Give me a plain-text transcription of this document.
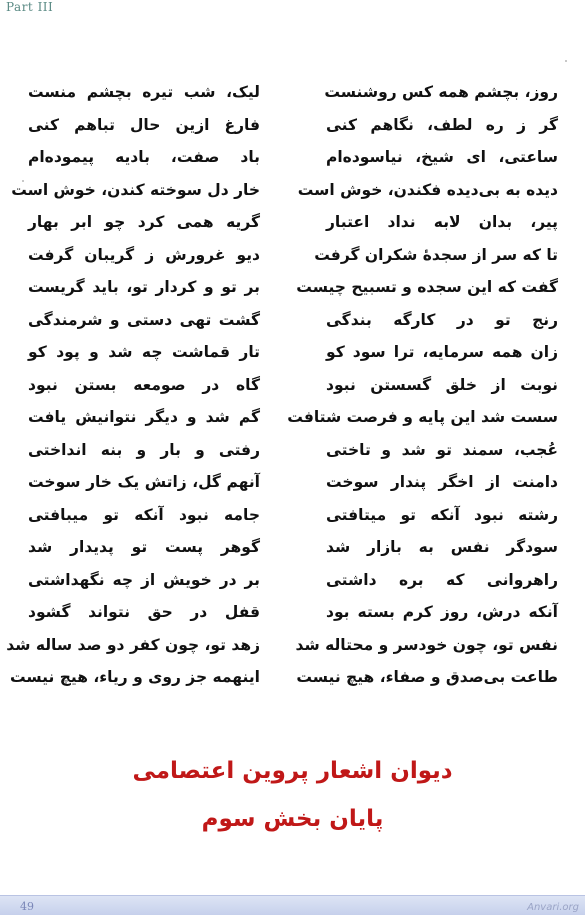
Part III
روز، بچشم همه کس روشنست
لیک، شب تیره بچشم منست
گر ز ره لطف، نگاهم کنی
فارغ ازین حال تباهم کنی
ساعتی، ای شیخ، نیاسوده‌ام
باد صفت، بادیه پیموده‌ام
دیده به بی‌دیده فکندن، خوش است
خار دل سوخته کندن، خوش است
پیر، بدان لابه نداد اعتبار
گریه همی کرد چو ابر بهار
تا که سر از سجدهٔ شکران گرفت
دیو غرورش ز گریبان گرفت
گفت که این سجده و تسبیح چیست
بر تو و کردار تو، باید گریست
رنج تو در کارگه بندگی
گشت تهی دستی و شرمندگی
زان همه سرمایه، ترا سود کو
تار قماشت چه شد و پود کو
نوبت از خلق گسستن نبود
گاه در صومعه بستن نبود
سست شد این پایه و فرصت شتافت
گم شد و دیگر نتوانیش یافت
عُجب، سمند تو شد و تاختی
رفتی و بار و بنه انداختی
دامنت از اخگر پندار سوخت
آنهم گل، زاتش یک خار سوخت
رشته نبود آنکه تو میتافتی
جامه نبود آنکه تو میبافتی
سودگر نفس به بازار شد
گوهر پست تو پدیدار شد
راهروانی که بره داشتی
بر در خویش از چه نگهداشتی
آنکه درش، روز کرم بسته بود
قفل در حق نتواند گشود
نفس تو، چون خودسر و محتاله شد
زهد تو، چون کفر دو صد ساله شد
طاعت بی‌صدق و صفاء، هیچ نیست
اینهمه جز روی و ریاء، هیچ نیست
دیوان اشعار پروین اعتصامی
پایان بخش سوم
49	Anvari.org
